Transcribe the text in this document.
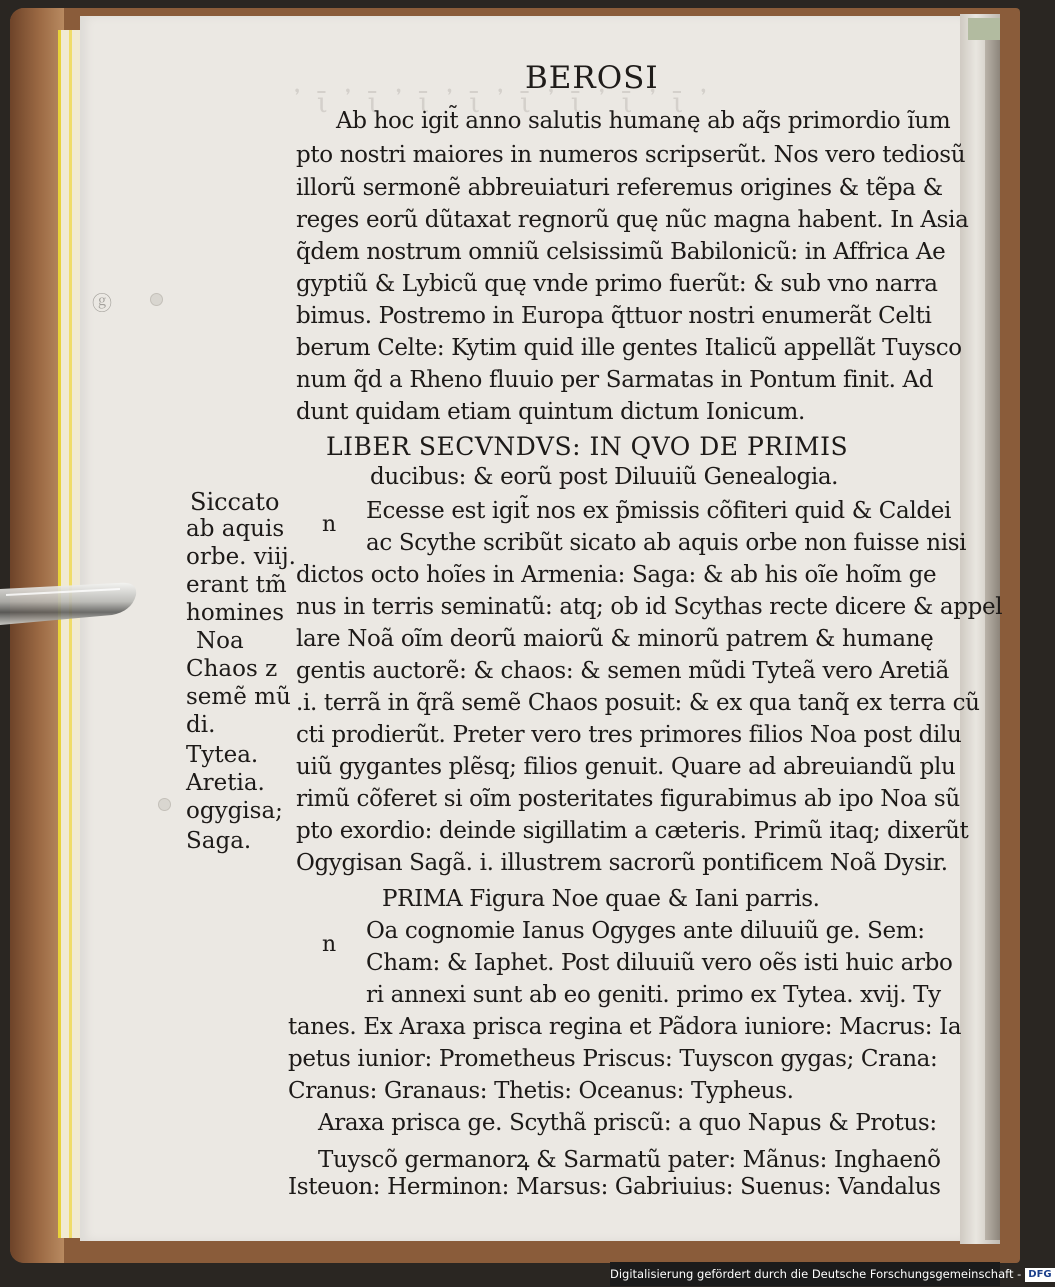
᾽ ῑ ᾽ ῑ ᾽ ῑ ᾽ ῑ ᾽ ῑ ᾽ ῑ ᾽ ῑ ᾽ ῑ ᾽
ⓖ
BEROSI
Ab hoc igit̃ anno salutis humanę ab aq̃s primordio ĩum
pto nostri maiores in numeros scripserũt. Nos vero tediosũ
illorũ sermonẽ abbreuiaturi referemus origines & tẽpa &
reges eorũ dũtaxat regnorũ quę nũc magna habent. In Asia
q̃dem nostrum omniũ celsissimũ Babilonicũ: in Affrica Ae
gyptiũ & Lybicũ quę vnde primo fuerũt: & sub vno narra
bimus. Postremo in Europa q̃ttuor nostri enumerãt Celti
berum Celte: Kytim quid ille gentes Italicũ appellãt Tuysco
num q̃d a Rheno fluuio per Sarmatas in Pontum finit. Ad
dunt quidam etiam quintum dictum Ionicum.
LIBER SECVNDVS: IN QVO DE PRIMIS
ducibus: & eorũ post Diluuiũ Genealogia.
n
Ecesse est igit̃ nos ex p̃missis cõfiteri quid & Caldei
ac Scythe scribũt sicato ab aquis orbe non fuisse nisi
dictos octo hoĩes in Armenia: Saga: & ab his oĩe hoĩm ge
nus in terris seminatũ: atq; ob id Scythas recte dicere & appel
lare Noã oĩm deorũ maiorũ & minorũ patrem & humanę
gentis auctorẽ: & chaos: & semen mũdi Tyteã vero Aretiã
.i. terrã in q̃rã semẽ Chaos posuit: & ex qua tanq̃ ex terra cũ
cti prodierũt. Preter vero tres primores filios Noa post dilu
uiũ gygantes plẽsq; filios genuit. Quare ad abreuiandũ plu
rimũ cõferet si oĩm posteritates figurabimus ab ipo Noa sũ
pto exordio: deinde sigillatim a cæteris. Primũ itaq; dixerũt
Ogygisan Sagã. i. illustrem sacrorũ pontificem Noã Dysir.
PRIMA Figura Noe quae & Iani parris.
n
Oa cognomie Ianus Ogyges ante diluuiũ ge. Sem:
Cham: & Iaphet. Post diluuiũ vero oẽs isti huic arbo
ri annexi sunt ab eo geniti. primo ex Tytea. xvij. Ty
tanes. Ex Araxa prisca regina et Pãdora iuniore: Macrus: Ia
petus iunior: Prometheus Priscus: Tuyscon gygas; Crana:
Cranus: Granaus: Thetis: Oceanus: Typheus.
Araxa prisca ge. Scythã priscũ: a quo Napus & Protus:
Tuyscõ germanorꝝ & Sarmatũ pater: Mãnus: Inghaenõ
Isteuon: Herminon: Marsus: Gabriuius: Suenus: Vandalus
Siccato
ab aquis
orbe. viij.
erant tm̃
homines
Noa
Chaos z
semẽ mũ
di.
Tytea.
Aretia.
ogygisa;
Saga.
Digitalisierung gefördert durch die Deutsche Forschungsgemeinschaft - DFG
